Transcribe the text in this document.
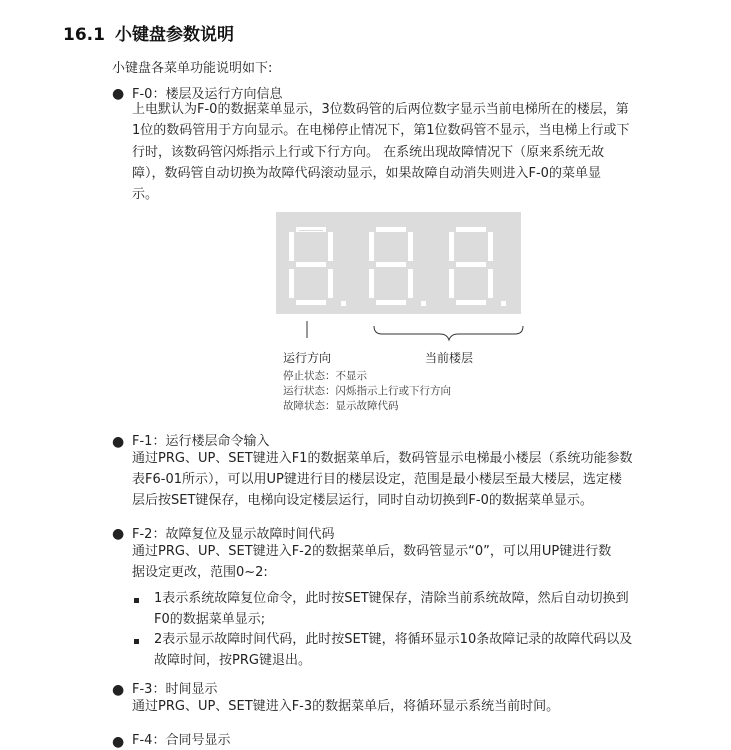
16.1 小键盘参数说明
小键盘各菜单功能说明如下:
● F-0：楼层及运行方向信息
上电默认为F-0的数据菜单显示，3位数码管的后两位数字显示当前电梯所在的楼层，第
1位的数码管用于方向显示。在电梯停止情况下，第1位数码管不显示，当电梯上行或下
行时，该数码管闪烁指示上行或下行方向。 在系统出现故障情况下（原来系统无故
障），数码管自动切换为故障代码滚动显示，如果故障自动消失则进入F-0的菜单显
示。
运行方向	当前楼层
停止状态：不显示
运行状态：闪烁指示上行或下行方向
故障状态：显示故障代码
● F-1：运行楼层命令输入
通过PRG、UP、SET键进入F1的数据菜单后，数码管显示电梯最小楼层（系统功能参数
表F6-01所示），可以用UP键进行目的楼层设定，范围是最小楼层至最大楼层，选定楼
层后按SET键保存，电梯向设定楼层运行，同时自动切换到F-0的数据菜单显示。
● F-2：故障复位及显示故障时间代码
通过PRG、UP、SET键进入F-2的数据菜单后，数码管显示“0”，可以用UP键进行数
据设定更改，范围0~2:
1表示系统故障复位命令，此时按SET键保存，清除当前系统故障，然后自动切换到
F0的数据菜单显示;
2表示显示故障时间代码，此时按SET键，将循环显示10条故障记录的故障代码以及
故障时间，按PRG键退出。
● F-3：时间显示
通过PRG、UP、SET键进入F-3的数据菜单后，将循环显示系统当前时间。
● F-4：合同号显示
